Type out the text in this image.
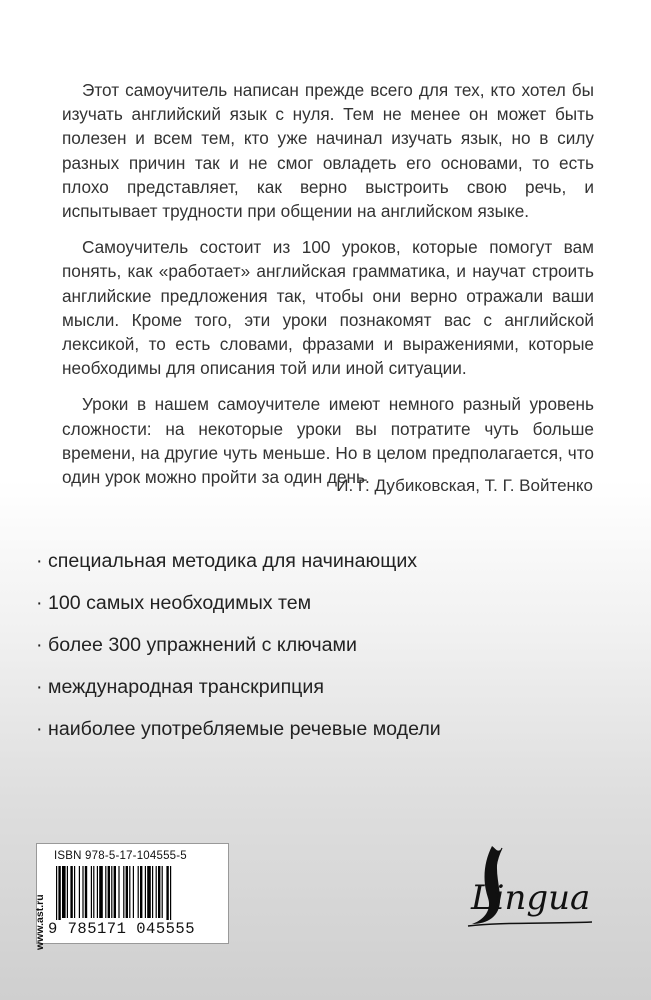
Этот самоучитель написан прежде всего для тех, кто хотел бы изучать английский язык с нуля. Тем не менее он может быть полезен и всем тем, кто уже начинал изучать язык, но в силу разных причин так и не смог овладеть его основами, то есть плохо представляет, как верно выстроить свою речь, и испытывает трудности при общении на английском языке.

Самоучитель состоит из 100 уроков, которые помогут вам понять, как «работает» английская грамматика, и научат строить английские предложения так, чтобы они верно отражали ваши мысли. Кроме того, эти уроки познакомят вас с английской лексикой, то есть словами, фразами и выражениями, которые необходимы для описания той или иной ситуации.

Уроки в нашем самоучителе имеют немного разный уровень сложности: на некоторые уроки вы потратите чуть больше времени, на другие чуть меньше. Но в целом предполагается, что один урок можно пройти за один день.

И. Г. Дубиковская, Т. Г. Войтенко
· специальная методика для начинающих
· 100 самых необходимых тем
· более 300 упражнений с ключами
· международная транскрипция
· наиболее употребляемые речевые модели
www.ast.ru
ISBN 978-5-17-104555-5
9 785171 045555
Lingua
